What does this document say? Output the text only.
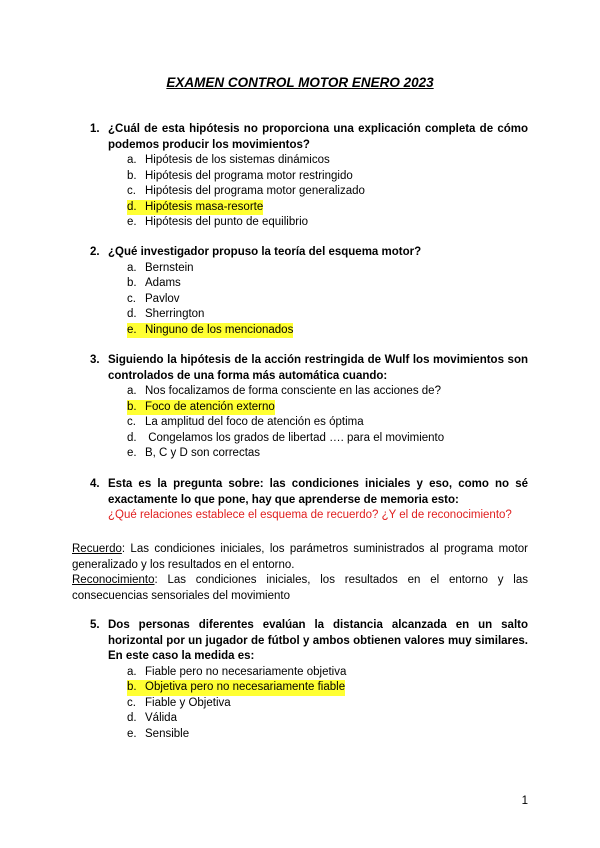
EXAMEN CONTROL MOTOR ENERO 2023
1. ¿Cuál de esta hipótesis no proporciona una explicación completa de cómo podemos producir los movimientos?
a. Hipótesis de los sistemas dinámicos
b. Hipótesis del programa motor restringido
c. Hipótesis del programa motor generalizado
d. Hipótesis masa-resorte
e. Hipótesis del punto de equilibrio
2. ¿Qué investigador propuso la teoría del esquema motor?
a. Bernstein
b. Adams
c. Pavlov
d. Sherrington
e. Ninguno de los mencionados
3. Siguiendo la hipótesis de la acción restringida de Wulf los movimientos son controlados de una forma más automática cuando:
a. Nos focalizamos de forma consciente en las acciones de?
b. Foco de atención externo
c. La amplitud del foco de atención es óptima
d. Congelamos los grados de libertad …. para el movimiento
e. B, C y D son correctas
4. Esta es la pregunta sobre: las condiciones iniciales y eso, como no sé exactamente lo que pone, hay que aprenderse de memoria esto:

¿Qué relaciones establece el esquema de recuerdo? ¿Y el de reconocimiento?

Recuerdo: Las condiciones iniciales, los parámetros suministrados al programa motor generalizado y los resultados en el entorno.

Reconocimiento: Las condiciones iniciales, los resultados en el entorno y las consecuencias sensoriales del movimiento

5. Dos personas diferentes evalúan la distancia alcanzada en un salto horizontal por un jugador de fútbol y ambos obtienen valores muy similares. En este caso la medida es:
a. Fiable pero no necesariamente objetiva
b. Objetiva pero no necesariamente fiable
c. Fiable y Objetiva
d. Válida
e. Sensible
1
